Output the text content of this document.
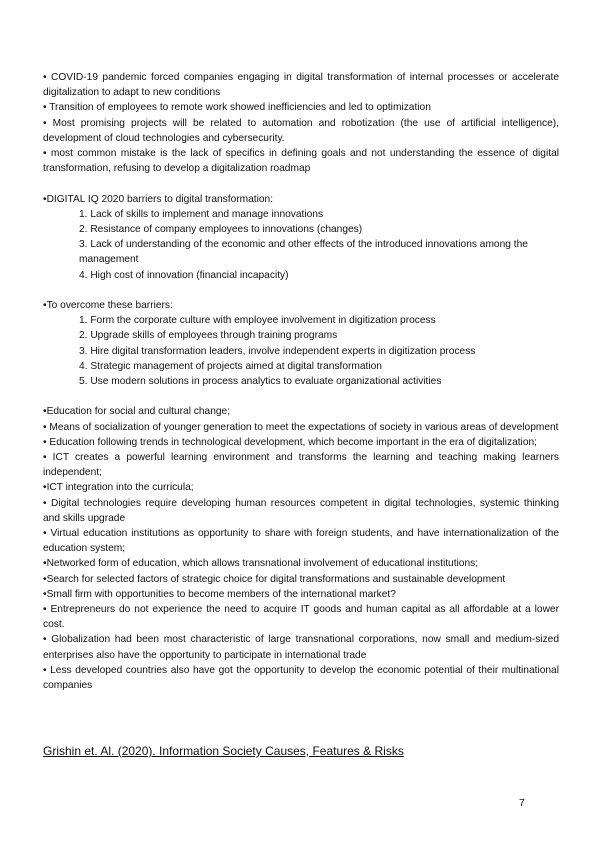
• COVID-19 pandemic forced companies engaging in digital transformation of internal processes or accelerate digitalization to adapt to new conditions

• Transition of employees to remote work showed inefficiencies and led to optimization

• Most promising projects will be related to automation and robotization (the use of artificial intelligence), development of cloud technologies and cybersecurity.

• most common mistake is the lack of specifics in defining goals and not understanding the essence of digital transformation, refusing to develop a digitalization roadmap

•DIGITAL IQ 2020 barriers to digital transformation:

1. Lack of skills to implement and manage innovations

2. Resistance of company employees to innovations (changes)

3. Lack of understanding of the economic and other effects of the introduced innovations among the management

4. High cost of innovation (financial incapacity)

•To overcome these barriers:

1. Form the corporate culture with employee involvement in digitization process

2. Upgrade skills of employees through training programs

3. Hire digital transformation leaders, involve independent experts in digitization process

4. Strategic management of projects aimed at digital transformation

5. Use modern solutions in process analytics to evaluate organizational activities

•Education for social and cultural change;

• Means of socialization of younger generation to meet the expectations of society in various areas of development

• Education following trends in technological development, which become important in the era of digitalization;

• ICT creates a powerful learning environment and transforms the learning and teaching making learners independent;

•ICT integration into the curricula;

• Digital technologies require developing human resources competent in digital technologies, systemic thinking and skills upgrade

• Virtual education institutions as opportunity to share with foreign students, and have internationalization of the education system;

•Networked form of education, which allows transnational involvement of educational institutions;

•Search for selected factors of strategic choice for digital transformations and sustainable development

•Small firm with opportunities to become members of the international market?

• Entrepreneurs do not experience the need to acquire IT goods and human capital as all affordable at a lower cost.

• Globalization had been most characteristic of large transnational corporations, now small and medium-sized enterprises also have the opportunity to participate in international trade

• Less developed countries also have got the opportunity to develop the economic potential of their multinational companies

Grishin et. Al. (2020). Information Society Causes, Features & Risks
7
